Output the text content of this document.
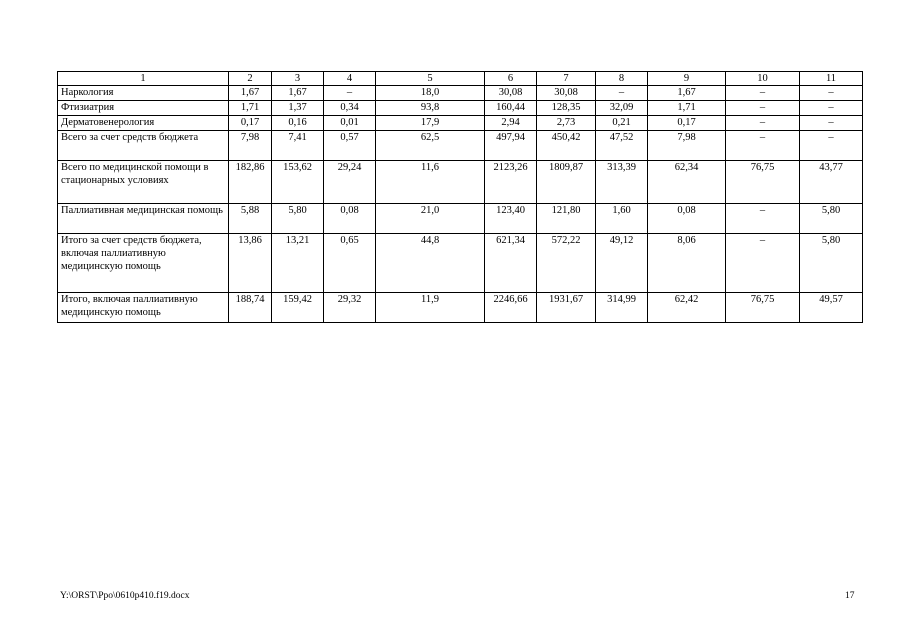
1	2	3	4	5	6	7	8	9	10	11
Наркология	1,67	1,67	–	18,0	30,08	30,08	–	1,67	–	–
Фтизиатрия	1,71	1,37	0,34	93,8	160,44	128,35	32,09	1,71	–	–
Дерматовенерология	0,17	0,16	0,01	17,9	2,94	2,73	0,21	0,17	–	–
Всего за счет средств бюджета	7,98	7,41	0,57	62,5	497,94	450,42	47,52	7,98	–	–
Всего по медицинской помощи в стационарных условиях	182,86	153,62	29,24	11,6	2123,26	1809,87	313,39	62,34	76,75	43,77
Паллиативная медицинская помощь	5,88	5,80	0,08	21,0	123,40	121,80	1,60	0,08	–	5,80
Итого за счет средств бюджета, включая паллиативную медицинскую помощь	13,86	13,21	0,65	44,8	621,34	572,22	49,12	8,06	–	5,80
Итого, включая паллиативную медицинскую помощь	188,74	159,42	29,32	11,9	2246,66	1931,67	314,99	62,42	76,75	49,57
Y:\ORST\Ppo\0610p410.f19.docx	17
